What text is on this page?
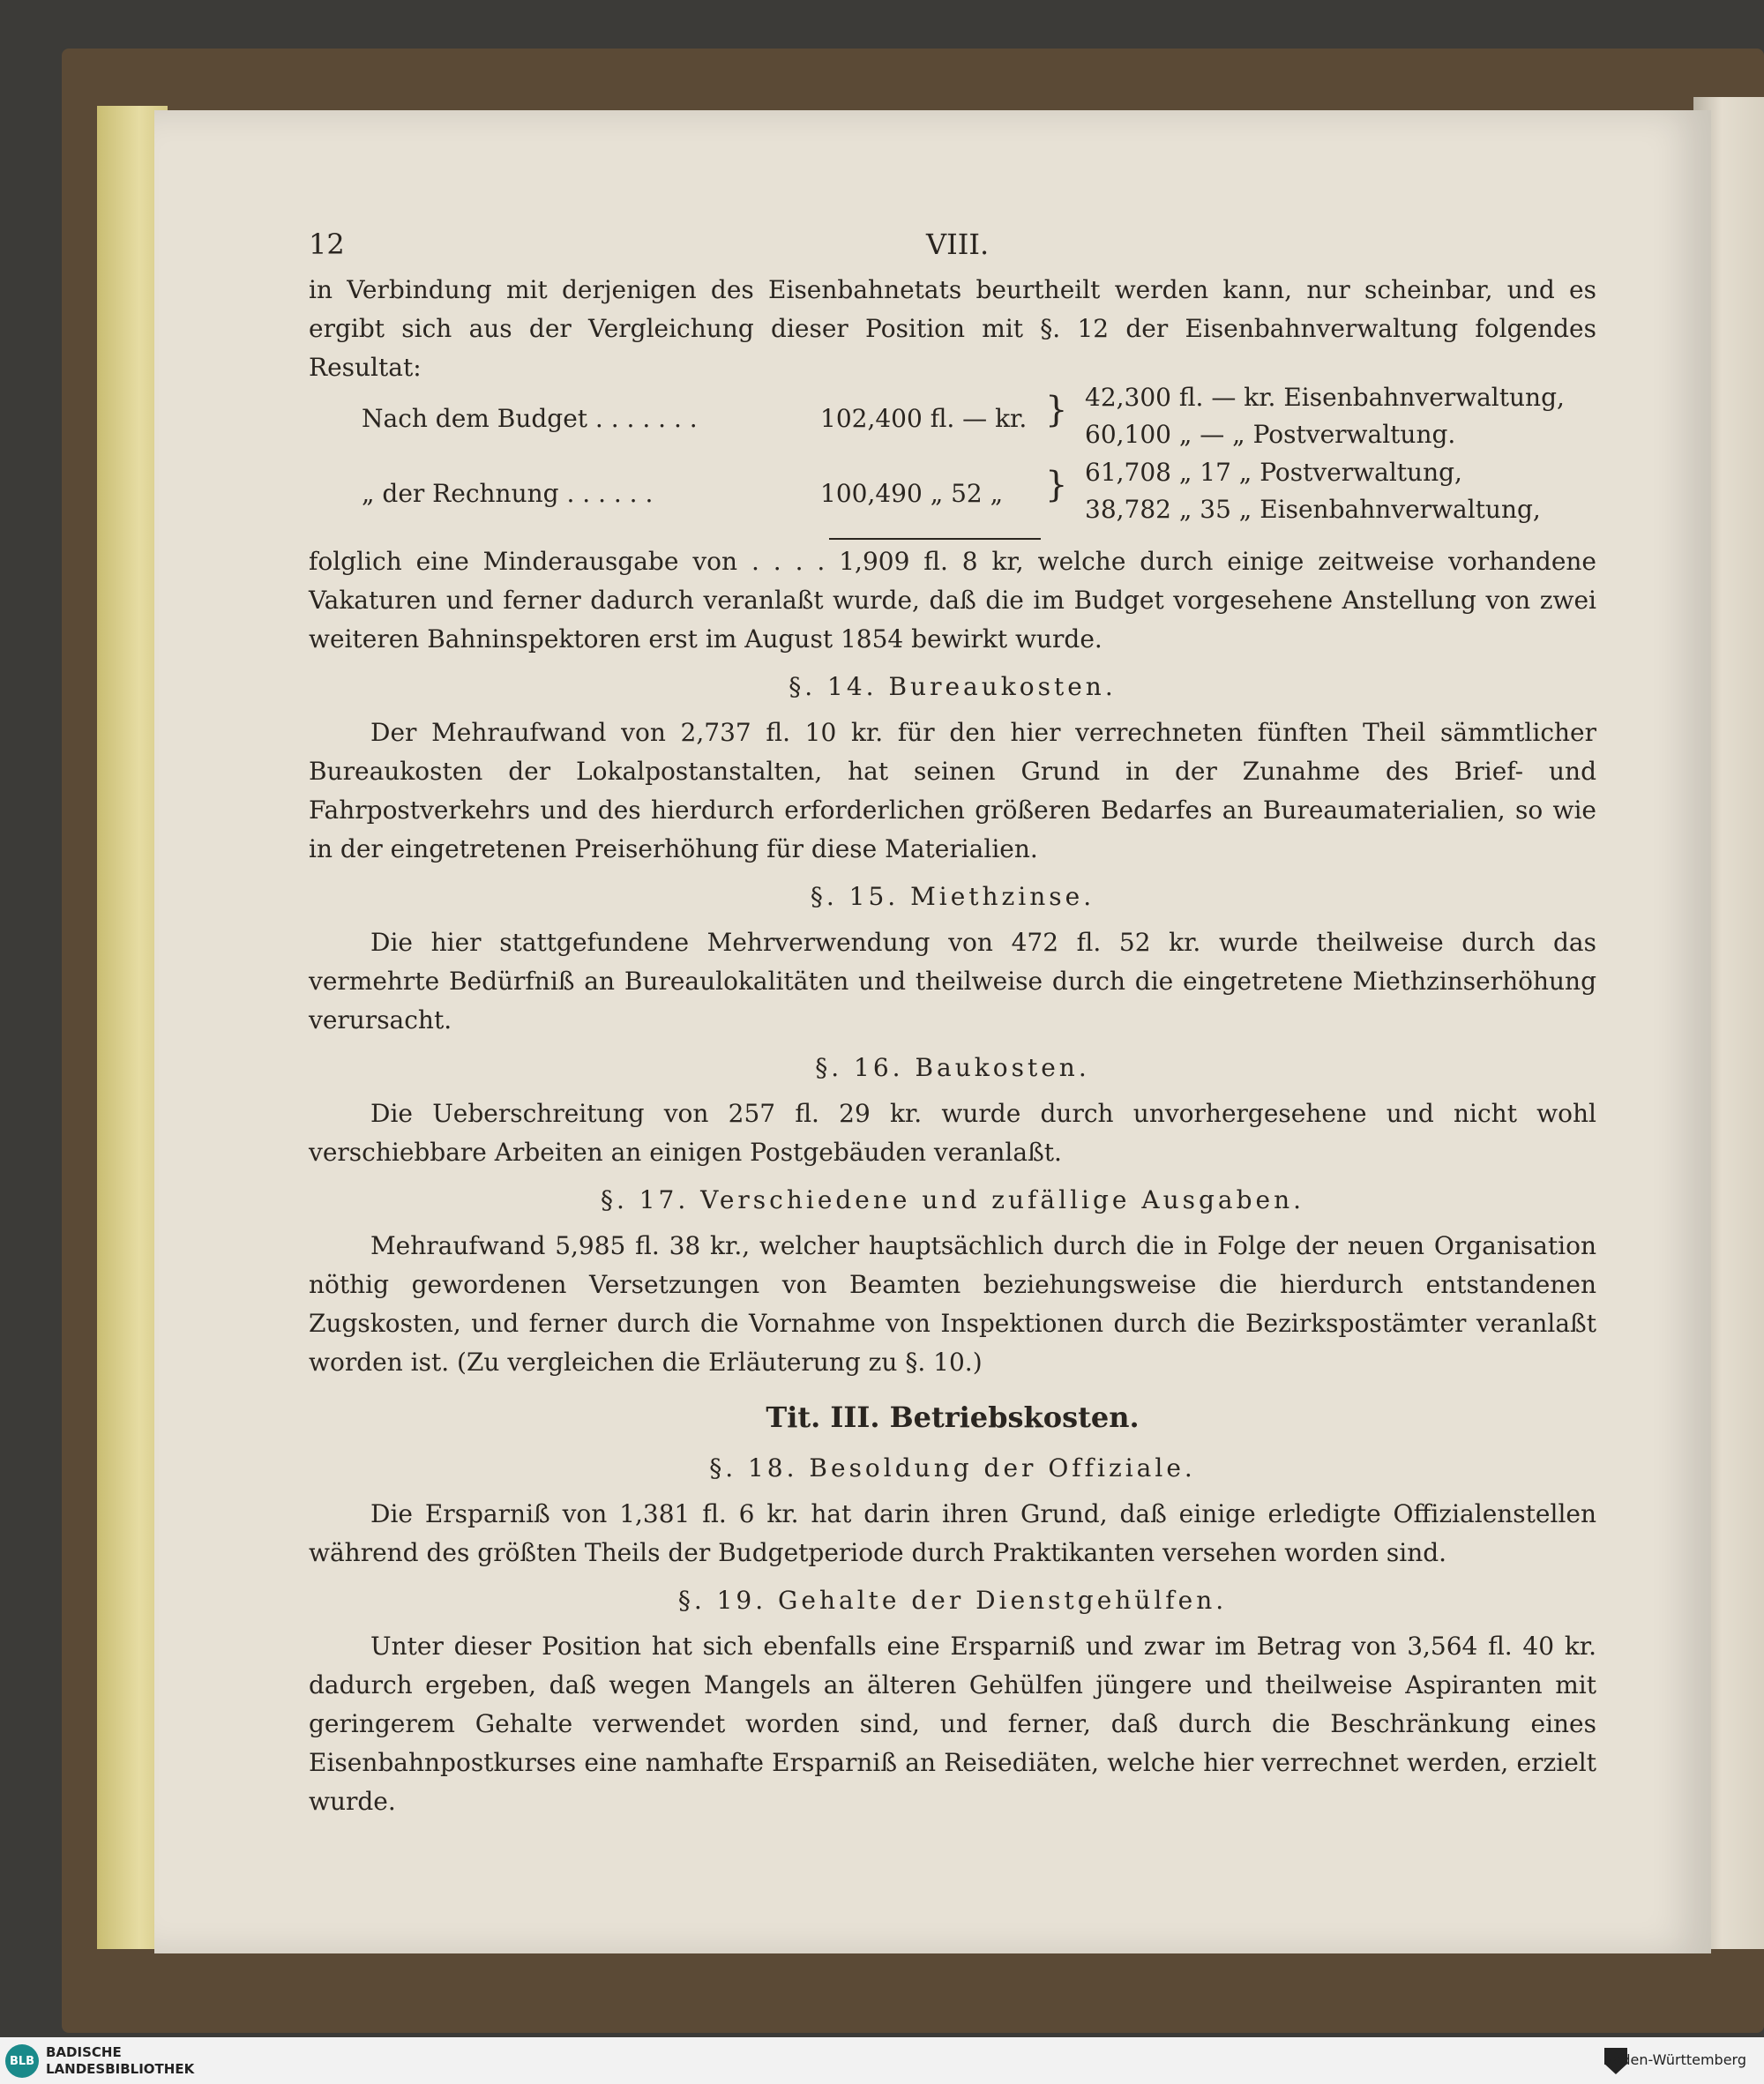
12	VIII.

in Verbindung mit derjenigen des Eisenbahnetats beurtheilt werden kann, nur scheinbar, und es ergibt sich aus der Vergleichung dieser Position mit §. 12 der Eisenbahnverwaltung folgendes Resultat:

Nach dem Budget . . . . . . .	102,400 fl. — kr. } 42,300 fl. — kr. Eisenbahnverwaltung,
60,100 „ — „ Postverwaltung.
„ der Rechnung . . . . . .	100,490 „ 52 „ } 61,708 „ 17 „ Postverwaltung,
38,782 „ 35 „ Eisenbahnverwaltung,

folglich eine Minderausgabe von . . . . 1,909 fl. 8 kr, welche durch einige zeitweise vorhandene Vakaturen und ferner dadurch veranlaßt wurde, daß die im Budget vorgesehene Anstellung von zwei weiteren Bahninspektoren erst im August 1854 bewirkt wurde.

§. 14. Bureaukosten.

Der Mehraufwand von 2,737 fl. 10 kr. für den hier verrechneten fünften Theil sämmtlicher Bureaukosten der Lokalpostanstalten, hat seinen Grund in der Zunahme des Brief- und Fahrpostverkehrs und des hierdurch erforderlichen größeren Bedarfes an Bureaumaterialien, so wie in der eingetretenen Preiserhöhung für diese Materialien.

§. 15. Miethzinse.

Die hier stattgefundene Mehrverwendung von 472 fl. 52 kr. wurde theilweise durch das vermehrte Bedürfniß an Bureaulokalitäten und theilweise durch die eingetretene Miethzinserhöhung verursacht.

§. 16. Baukosten.

Die Ueberschreitung von 257 fl. 29 kr. wurde durch unvorhergesehene und nicht wohl verschiebbare Arbeiten an einigen Postgebäuden veranlaßt.

§. 17. Verschiedene und zufällige Ausgaben.

Mehraufwand 5,985 fl. 38 kr., welcher hauptsächlich durch die in Folge der neuen Organisation nöthig gewordenen Versetzungen von Beamten beziehungsweise die hierdurch entstandenen Zugskosten, und ferner durch die Vornahme von Inspektionen durch die Bezirkspostämter veranlaßt worden ist. (Zu vergleichen die Erläuterung zu §. 10.)

Tit. III. Betriebskosten.
§. 18. Besoldung der Offiziale.

Die Ersparniß von 1,381 fl. 6 kr. hat darin ihren Grund, daß einige erledigte Offizialenstellen während des größten Theils der Budgetperiode durch Praktikanten versehen worden sind.

§. 19. Gehalte der Dienstgehülfen.

Unter dieser Position hat sich ebenfalls eine Ersparniß und zwar im Betrag von 3,564 fl. 40 kr. dadurch ergeben, daß wegen Mangels an älteren Gehülfen jüngere und theilweise Aspiranten mit geringerem Gehalte verwendet worden sind, und ferner, daß durch die Beschränkung eines Eisenbahnpostkurses eine namhafte Ersparniß an Reisediäten, welche hier verrechnet werden, erzielt wurde.

BLB
BADISCHE
LANDESBIBLIOTHEK
Baden-Württemberg
